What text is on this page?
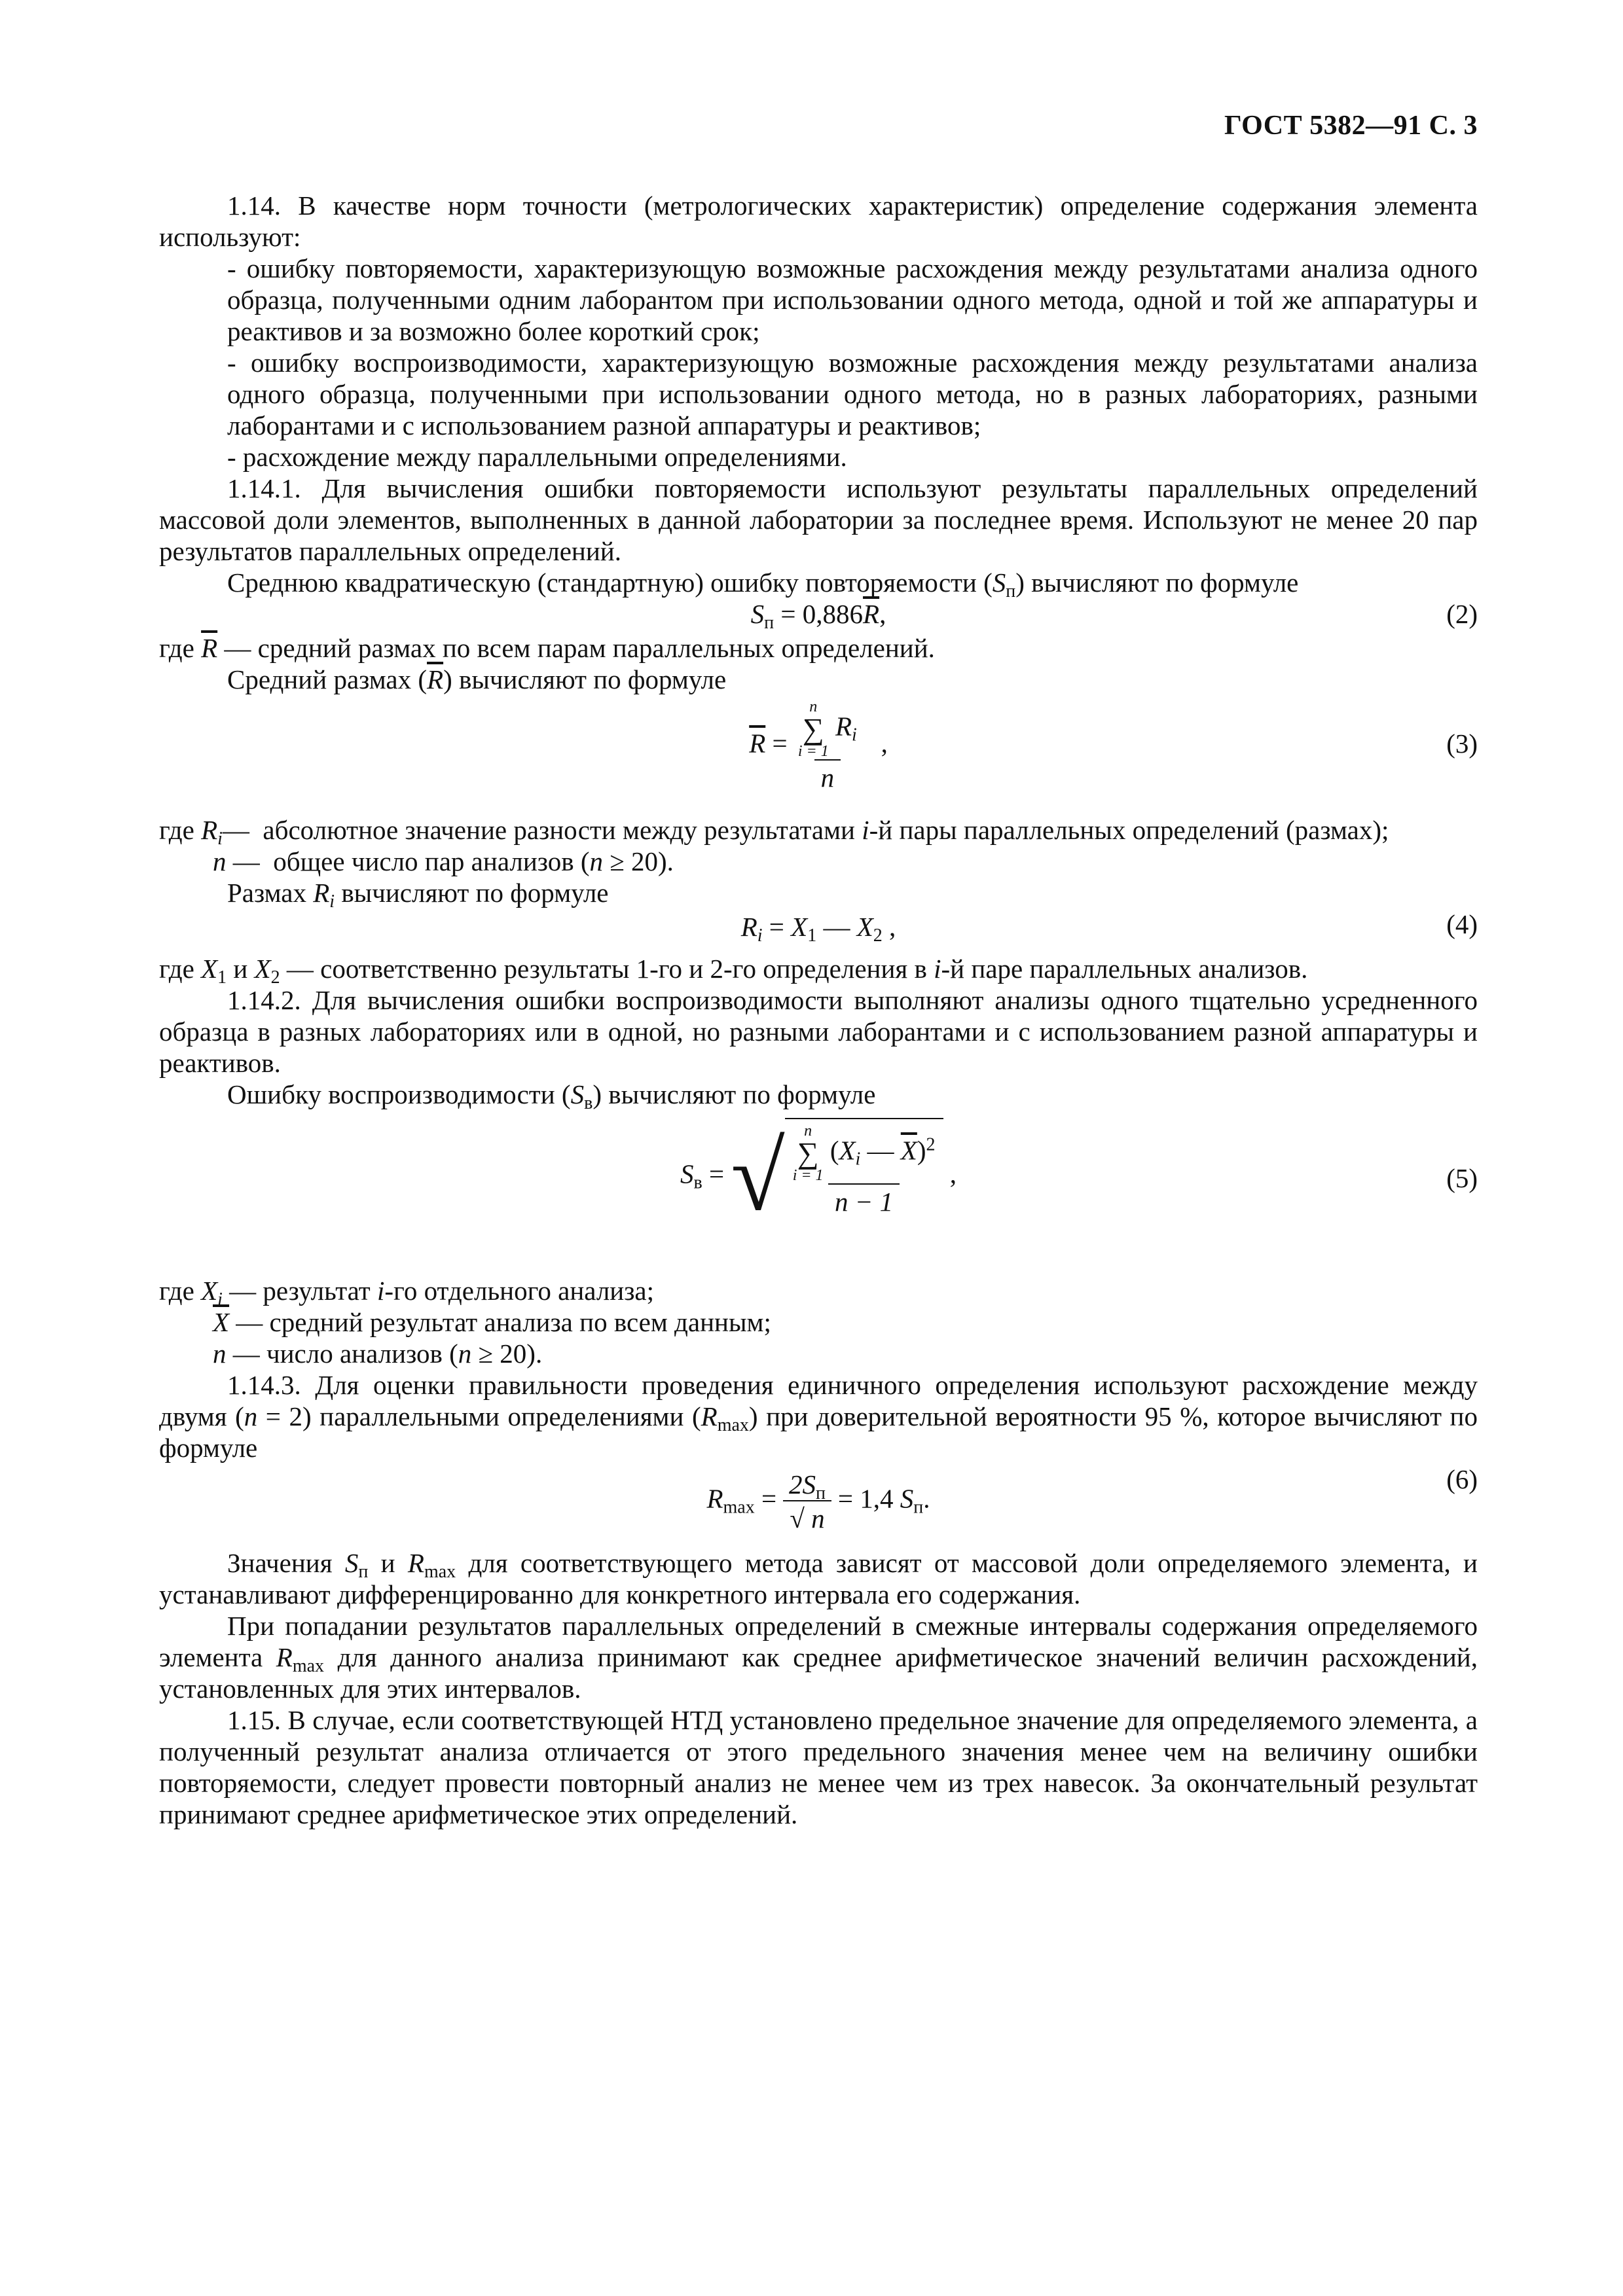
ГОСТ 5382—91 С. 3

1.14. В качестве норм точности (метрологических характеристик) определение содержания элемента используют:

- ошибку повторяемости, характеризующую возможные расхождения между результатами анализа одного образца, полученными одним лаборантом при использовании одного метода, одной и той же аппаратуры и реактивов и за возможно более короткий срок;

- ошибку воспроизводимости, характеризующую возможные расхождения между результатами анализа одного образца, полученными при использовании одного метода, но в разных лабораториях, разными лаборантами и с использованием разной аппаратуры и реактивов;

- расхождение между параллельными определениями.

1.14.1. Для вычисления ошибки повторяемости используют результаты параллельных определений массовой доли элементов, выполненных в данной лаборатории за последнее время. Используют не менее 20 пар результатов параллельных определений.

Среднюю квадратическую (стандартную) ошибку повторяемости $(S_п)$ вычисляют по формуле

$S_п = 0,886\overline{R}$,	(2)

где $\overline{R}$ — средний размах по всем парам параллельных определений.

Средний размах $(\overline{R})$ вычисляют по формуле

$\overline{R} = n$
∑
i = 1
$R_i$
n ,	(3)
где $R_i—$ абсолютное значение разности между результатами i-й пары параллельных определений (размах);

n — общее число пар анализов (n ≥ 20).

Размах $R_i$ вычисляют по формуле

$R_i = X_1$ — $X_2$ ,	(4)

где $X_1$ и $X_2$ — соответственно результаты 1-го и 2-го определения в i-й паре параллельных анализов.

1.14.2. Для вычисления ошибки воспроизводимости выполняют анализы одного тщательно усредненного образца в разных лабораториях или в одной, но разными лаборантами и с использованием разной аппаратуры и реактивов.

Ошибку воспроизводимости $(S_в)$ вычисляют по формуле

$S_в$ = √ n
∑
i = 1
($X_i$ — $\overline{X})^2$
n − 1 ,	(5)

где $X_i$ — результат i-го отдельного анализа;

$\overline{X}$ — средний результат анализа по всем данным;

n — число анализов (n ≥ 20).

1.14.3. Для оценки правильности проведения единичного определения используют расхождение между двумя (n = 2) параллельными определениями $(R_{max})$ при доверительной вероятности 95 %, которое вычисляют по формуле

$R_{max} = \frac{2S_п}{√ n} = 1,4$ $S_п$.
(6)

Значения $S_п$ и $R_{max}$ для соответствующего метода зависят от массовой доли определяемого элемента, и устанавливают дифференцированно для конкретного интервала его содержания.

При попадании результатов параллельных определений в смежные интервалы содержания определяемого элемента $R_{max}$ для данного анализа принимают как среднее арифметическое значений величин расхождений, установленных для этих интервалов.

1.15. В случае, если соответствующей НТД установлено предельное значение для определяемого элемента, а полученный результат анализа отличается от этого предельного значения менее чем на величину ошибки повторяемости, следует провести повторный анализ не менее чем из трех навесок. За окончательный результат принимают среднее арифметическое этих определений.
